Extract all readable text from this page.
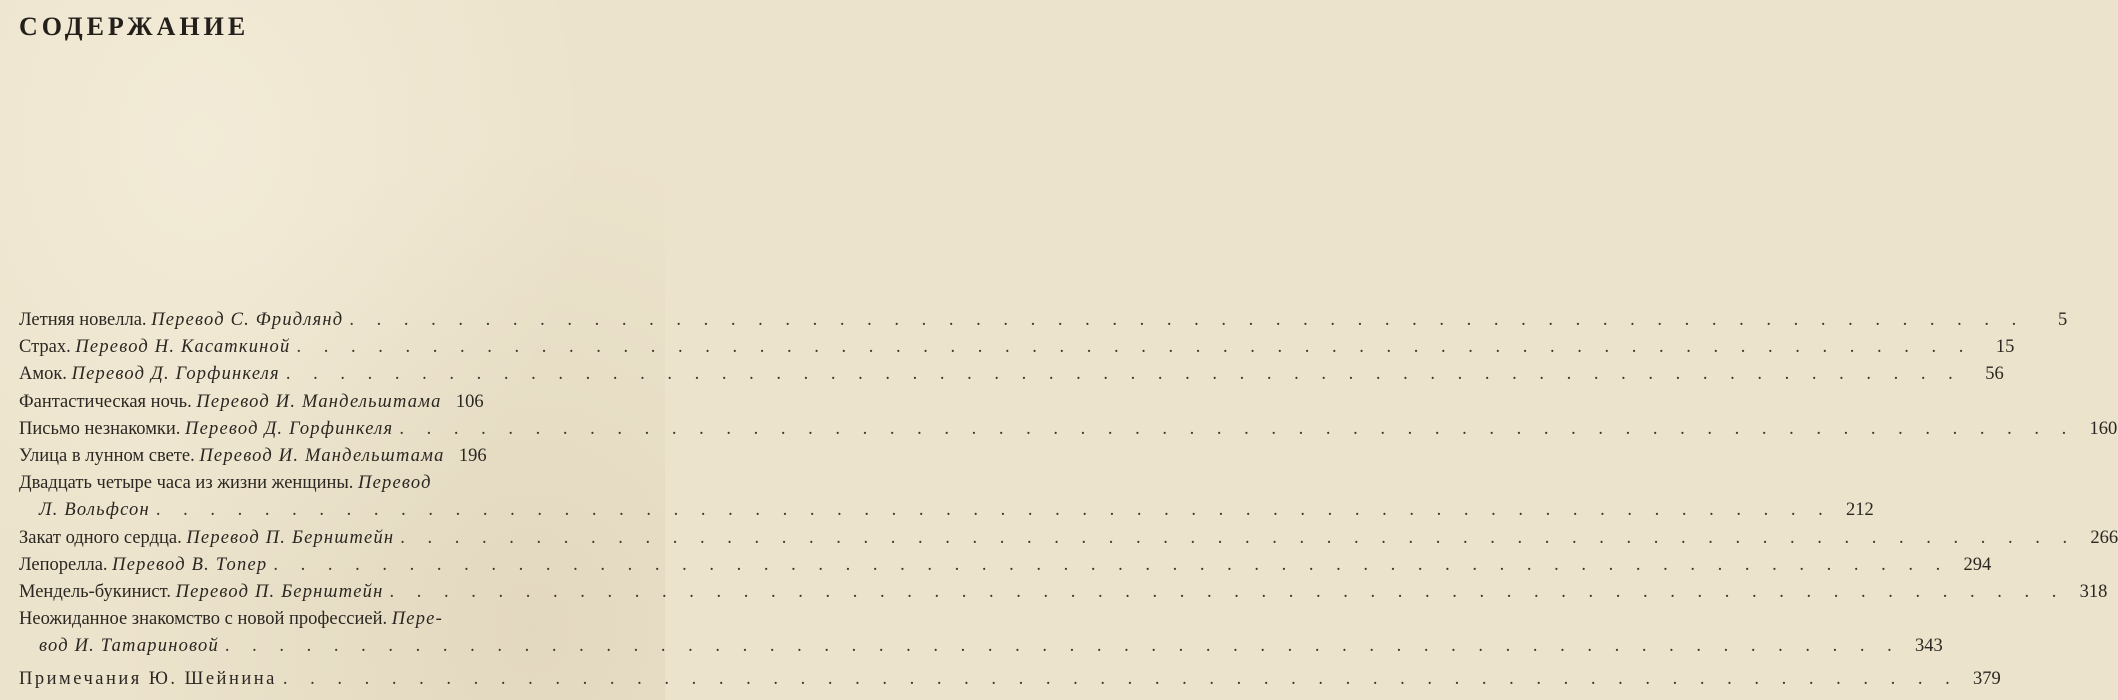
СОДЕРЖАНИЕ
Летняя новелла. Перевод С. Фридлянд . . . . . . . . . . . . . . . . . . . . . . . . . . . . . . . . . . . . . . . . . . . . . . . . . . . . . . . . . . . . . .	5
Страх. Перевод Н. Касаткиной . . . . . . . . . . . . . . . . . . . . . . . . . . . . . . . . . . . . . . . . . . . . . . . . . . . . . . . . . . . . . .	15
Амок. Перевод Д. Горфинкеля . . . . . . . . . . . . . . . . . . . . . . . . . . . . . . . . . . . . . . . . . . . . . . . . . . . . . . . . . . . . . .	56
Фантастическая ночь. Перевод И. Мандельштама 106
Письмо незнакомки. Перевод Д. Горфинкеля . . . . . . . . . . . . . . . . . . . . . . . . . . . . . . . . . . . . . . . . . . . . . . . . . . . . . . . . . . . . . . 160
Улица в лунном свете. Перевод И. Мандельштама 196
Двадцать четыре часа из жизни женщины. Перевод
Л. Вольфсон . . . . . . . . . . . . . . . . . . . . . . . . . . . . . . . . . . . . . . . . . . . . . . . . . . . . . . . . . . . . . . 212
Закат одного сердца. Перевод П. Бернштейн . . . . . . . . . . . . . . . . . . . . . . . . . . . . . . . . . . . . . . . . . . . . . . . . . . . . . . . . . . . . . . 266
Лепорелла. Перевод В. Топер . . . . . . . . . . . . . . . . . . . . . . . . . . . . . . . . . . . . . . . . . . . . . . . . . . . . . . . . . . . . . . 294
Мендель-букинист. Перевод П. Бернштейн . . . . . . . . . . . . . . . . . . . . . . . . . . . . . . . . . . . . . . . . . . . . . . . . . . . . . . . . . . . . . . 318
Неожиданное знакомство с новой профессией. Пере-
вод И. Татариновой . . . . . . . . . . . . . . . . . . . . . . . . . . . . . . . . . . . . . . . . . . . . . . . . . . . . . . . . . . . . . . 343
Примечания Ю. Шейнина . . . . . . . . . . . . . . . . . . . . . . . . . . . . . . . . . . . . . . . . . . . . . . . . . . . . . . . . . . . . . . 379
